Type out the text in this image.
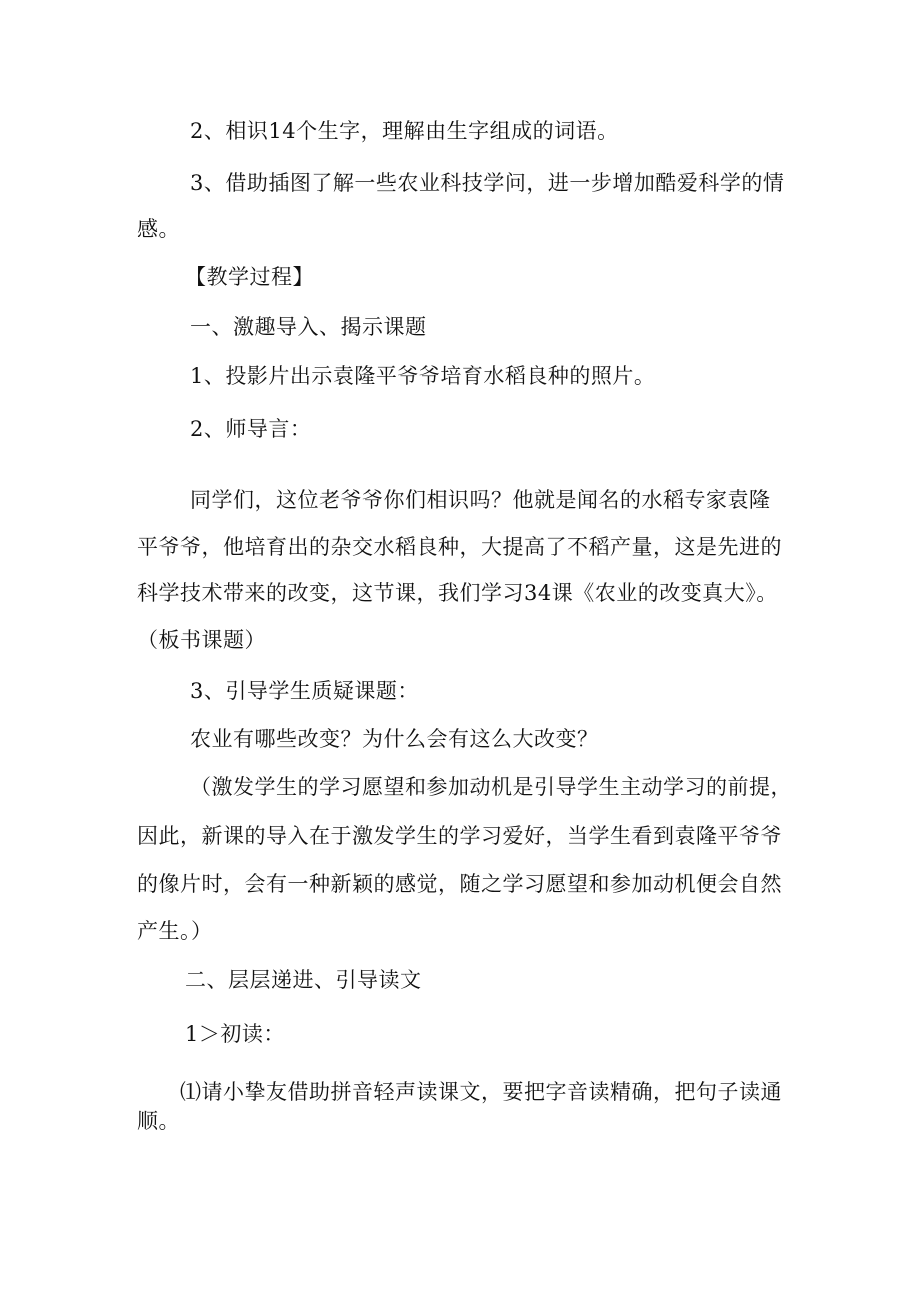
2、相识14个生字，理解由生字组成的词语。

3、借助插图了解一些农业科技学问，进一步增加酷爱科学的情

感。

【教学过程】

一、激趣导入、揭示课题

1、投影片出示袁隆平爷爷培育水稻良种的照片。

2、师导言：

同学们，这位老爷爷你们相识吗？他就是闻名的水稻专家袁隆

平爷爷，他培育出的杂交水稻良种，大提高了不稻产量，这是先进的

科学技术带来的改变，这节课，我们学习34课《农业的改变真大》。

（板书课题）

3、引导学生质疑课题：

农业有哪些改变？为什么会有这么大改变？

（激发学生的学习愿望和参加动机是引导学生主动学习的前提，

因此，新课的导入在于激发学生的学习爱好，当学生看到袁隆平爷爷

的像片时，会有一种新颖的感觉，随之学习愿望和参加动机便会自然

产生。）

二、层层递进、引导读文

1＞初读：

⑴请小挚友借助拼音轻声读课文，要把字音读精确，把句子读通

顺。
